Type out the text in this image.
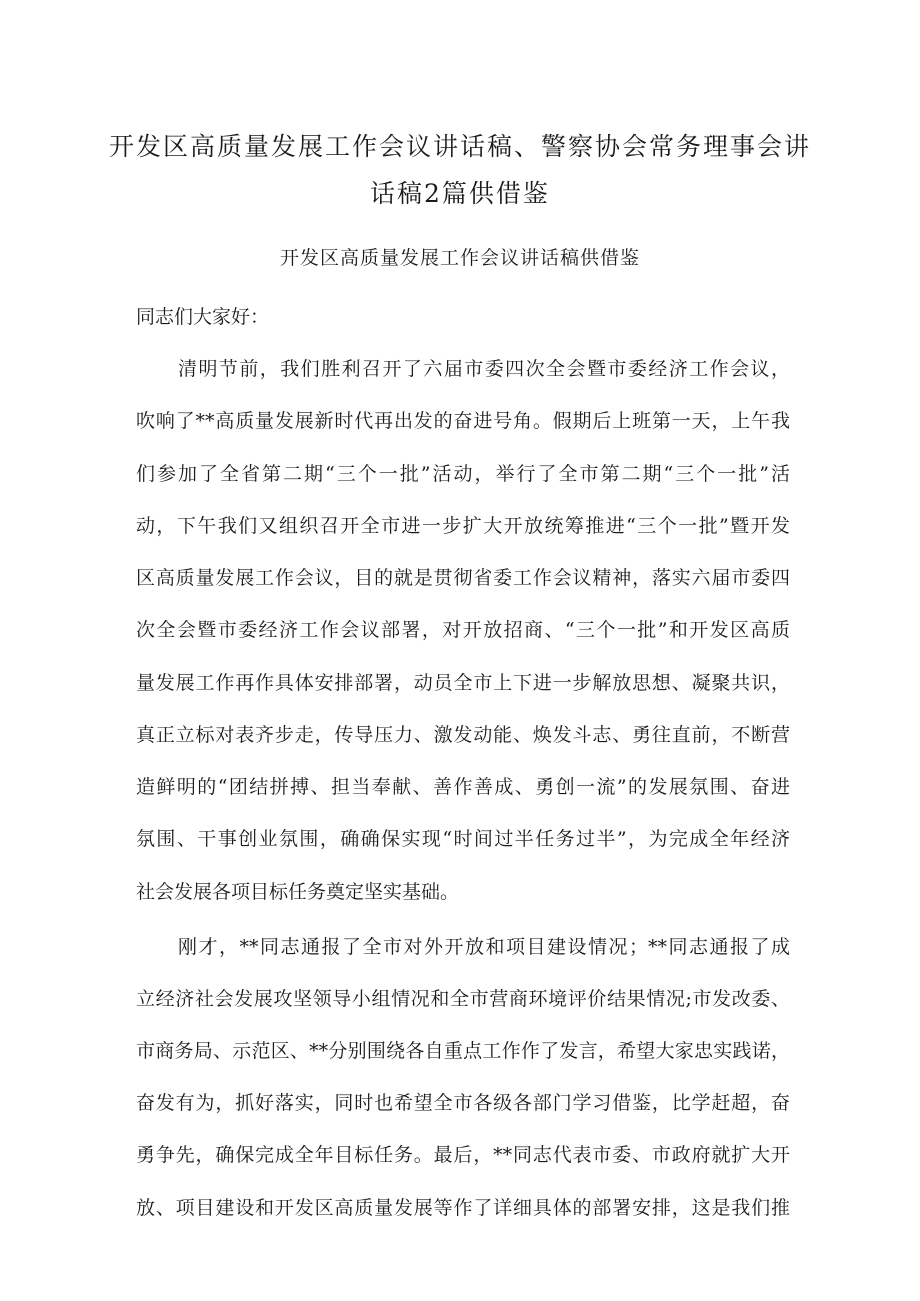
开发区高质量发展工作会议讲话稿、警察协会常务理事会讲
话稿2篇供借鉴
开发区高质量发展工作会议讲话稿供借鉴
同志们大家好：
清明节前，我们胜利召开了六届市委四次全会暨市委经济工作会议，
吹响了**高质量发展新时代再出发的奋进号角。假期后上班第一天，上午我
们参加了全省第二期“三个一批”活动，举行了全市第二期“三个一批”活
动，下午我们又组织召开全市进一步扩大开放统筹推进“三个一批”暨开发
区高质量发展工作会议，目的就是贯彻省委工作会议精神，落实六届市委四
次全会暨市委经济工作会议部署，对开放招商、“三个一批”和开发区高质
量发展工作再作具体安排部署，动员全市上下进一步解放思想、凝聚共识，
真正立标对表齐步走，传导压力、激发动能、焕发斗志、勇往直前，不断营
造鲜明的“团结拼搏、担当奉献、善作善成、勇创一流”的发展氛围、奋进
氛围、干事创业氛围，确确保实现“时间过半任务过半”，为完成全年经济
社会发展各项目标任务奠定坚实基础。
刚才，**同志通报了全市对外开放和项目建设情况；**同志通报了成
立经济社会发展攻坚领导小组情况和全市营商环境评价结果情况;市发改委、
市商务局、示范区、**分别围绕各自重点工作作了发言，希望大家忠实践诺，
奋发有为，抓好落实，同时也希望全市各级各部门学习借鉴，比学赶超，奋
勇争先，确保完成全年目标任务。最后，**同志代表市委、市政府就扩大开
放、项目建设和开发区高质量发展等作了详细具体的部署安排，这是我们推
